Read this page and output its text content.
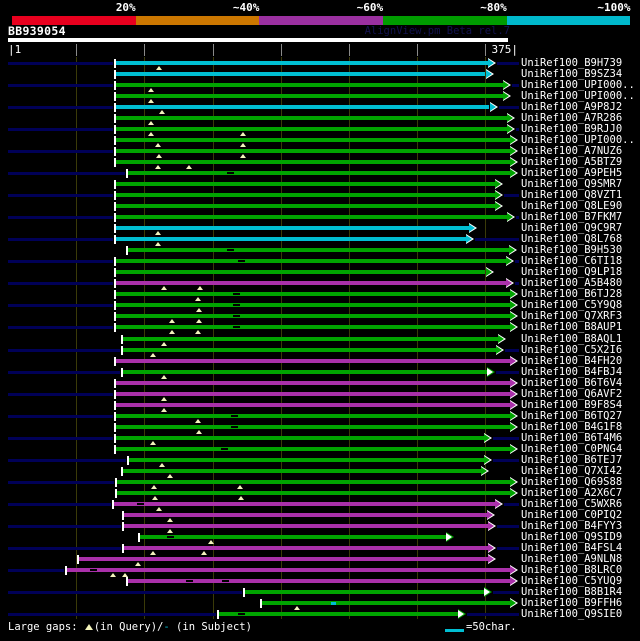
20%	~40%	~60%	~80%	~100%
BB939054	AlignView.pm Beta rel.7
|1	375|
UniRef100_B9H739
UniRef100_B9SZ34
UniRef100_UPI000..
UniRef100_UPI000..
UniRef100_A9P8J2
UniRef100_A7R286
UniRef100_B9RJJ0
UniRef100_UPI000..
UniRef100_A7NUZ6
UniRef100_A5BTZ9
UniRef100_A9PEH5
UniRef100_Q9SMR7
UniRef100_Q8VZT1
UniRef100_Q8LE90
UniRef100_B7FKM7
UniRef100_Q9C9R7
UniRef100_Q8L768
UniRef100_B9H530
UniRef100_C6TI18
UniRef100_Q9LP18
UniRef100_A5B480
UniRef100_B6TJ28
UniRef100_C5Y9Q8
UniRef100_Q7XRF3
UniRef100_B8AUP1
UniRef100_B8AQL1
UniRef100_C5X2I6
UniRef100_B4FH20
UniRef100_B4FBJ4
UniRef100_B6T6V4
UniRef100_Q6AVF2
UniRef100_B9F8S4
UniRef100_B6TQ27
UniRef100_B4G1F8
UniRef100_B6T4M6
UniRef100_C0PNG4
UniRef100_B6TEJ7
UniRef100_Q7XI42
UniRef100_Q69S88
UniRef100_A2X6C7
UniRef100_C5WXR6
UniRef100_C0PIQ2
UniRef100_B4FYY3
UniRef100_Q9SID9
UniRef100_B4FSL4
UniRef100_A9NLN8
UniRef100_B8LRC0
UniRef100_C5YUQ9
UniRef100_B8B1R4
UniRef100_B9FFH6
UniRef100_Q9SIE0
Large gaps: (in Query)/- (in Subject)	=50char.
